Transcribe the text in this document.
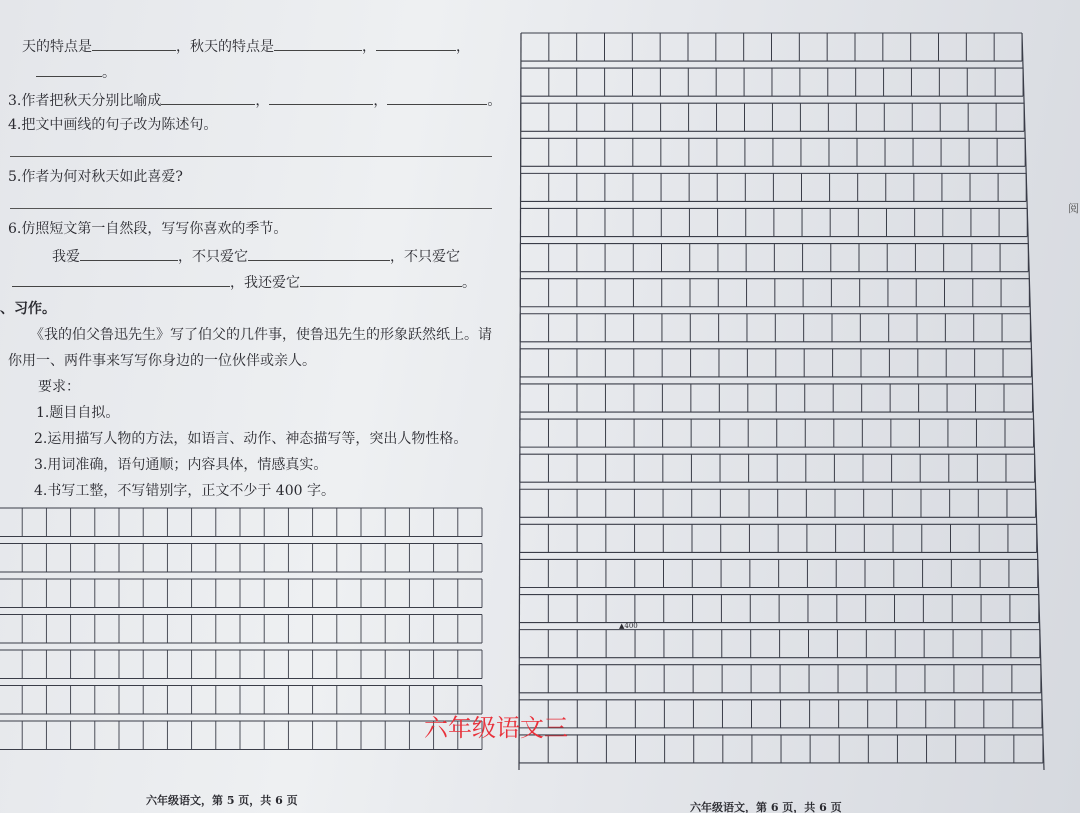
天的特点是	，秋天的特点是	，	，
。
3.作者把秋天分别比喻成	，	，	。
4.把文中画线的句子改为陈述句。
5.作者为何对秋天如此喜爱?
6.仿照短文第一自然段，写写你喜欢的季节。
我爱	，不只爱它	，不只爱它
，我还爱它	。
、习作。
《我的伯父鲁迅先生》写了伯父的几件事，使鲁迅先生的形象跃然纸上。请
你用一、两件事来写写你身边的一位伙伴或亲人。
要求：
1.题目自拟。
2.运用描写人物的方法，如语言、动作、神态描写等，突出人物性格。
3.用词准确，语句通顺；内容具体，情感真实。
4.书写工整，不写错别字，正文不少于 400 字。
六年级语文，第 5 页，共 6 页
▲400
六年级语文，第 6 页，共 6 页
阅
六年级语文三
